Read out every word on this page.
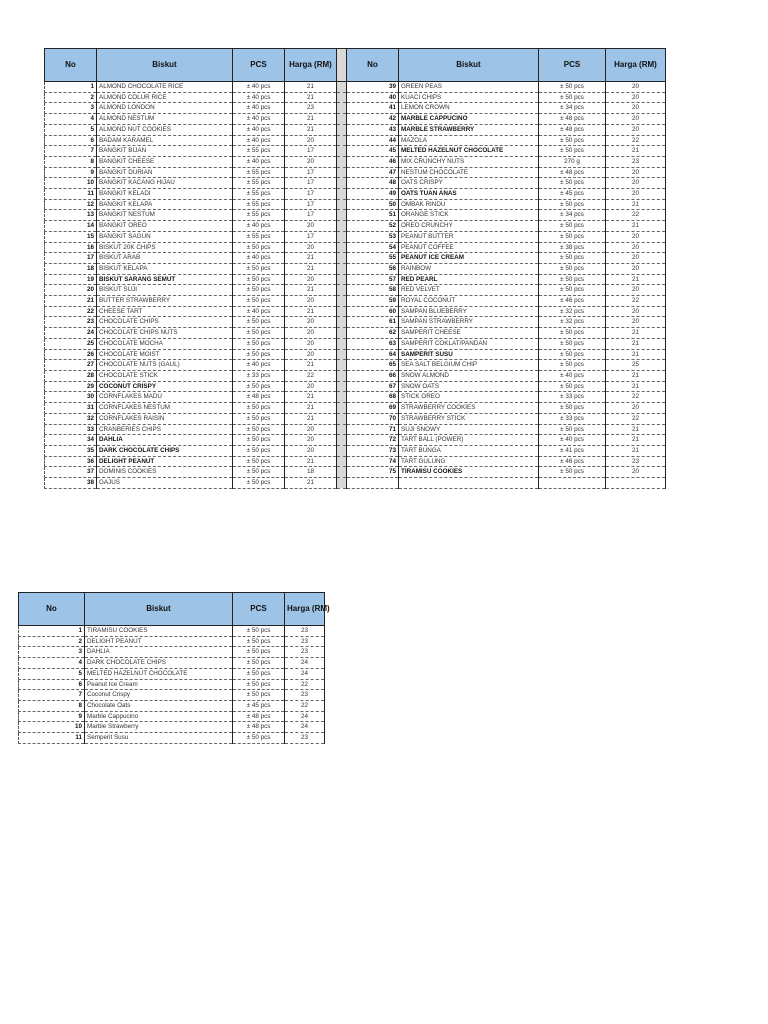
No	Biskut	PCS	Harga (RM)		No	Biskut	PCS	Harga (RM)
1	ALMOND CHOCOLATE RICE	± 40 pcs	21		39	GREEN PEAS	± 50 pcs	20
2	ALMOND COLUR RICE	± 40 pcs	21		40	KUACI CHIPS	± 50 pcs	20
3	ALMOND LONDON	± 40 pcs	23		41	LEMON CROWN	± 34 pcs	20
4	ALMOND NESTUM	± 40 pcs	21		42	MARBLE CAPPUCINO	± 48 pcs	20
5	ALMOND NUT COOKIES	± 40 pcs	21		43	MARBLE STRAWBERRY	± 48 pcs	20
6	BADAM KARAMEL	± 40 pcs	20		44	MAZOLA	± 50 pcs	22
7	BANGKIT BIJAN	± 55 pcs	17		45	MELTED HAZELNUT CHOCOLATE	± 50 pcs	21
8	BANGKIT CHEESE	± 40 pcs	20		46	MIX CRUNCHY NUTS	270 g	23
9	BANGKIT DURIAN	± 55 pcs	17		47	NESTUM CHOCOLATE	± 48 pcs	20
10	BANGKIT KACANG HIJAU	± 55 pcs	17		48	OATS CRISPY	± 50 pcs	20
11	BANGKIT KELADI	± 55 pcs	17		49	OATS TUAN ANAS	± 45 pcs	20
12	BANGKIT KELAPA	± 55 pcs	17		50	OMBAK RINDU	± 50 pcs	21
13	BANGKIT NESTUM	± 55 pcs	17		51	ORANGE STICK	± 34 pcs	22
14	BANGKIT OREO	± 40 pcs	20		52	OREO CRUNCHY	± 50 pcs	21
15	BANGKIT SAGUN	± 55 pcs	17		53	PEANUT BUTTER	± 50 pcs	20
16	BISKUT 20K CHIPS	± 50 pcs	20		54	PEANUT COFFEE	± 38 pcs	20
17	BISKUT ARAB	± 40 pcs	21		55	PEANUT ICE CREAM	± 50 pcs	20
18	BISKUT KELAPA	± 50 pcs	21		56	RAINBOW	± 50 pcs	20
19	BISKUT SARANG SEMUT	± 50 pcs	20		57	RED PEARL	± 50 pcs	21
20	BISKUT SUJI	± 50 pcs	21		58	RED VELVET	± 50 pcs	20
21	BUTTER STRAWBERRY	± 50 pcs	20		59	ROYAL COCONUT	± 46 pcs	22
22	CHEESE TART	± 40 pcs	21		60	SAMPAN BLUEBERRY	± 32 pcs	20
23	CHOCOLATE CHIPS	± 50 pcs	20		61	SAMPAN STRAWBERRY	± 32 pcs	20
24	CHOCOLATE CHIPS NUTS	± 50 pcs	20		62	SAMPERIT CHEESE	± 50 pcs	21
25	CHOCOLATE MOCHA	± 50 pcs	20		63	SAMPERIT COKLAT/PANDAN	± 50 pcs	21
26	CHOCOLATE MOIST	± 50 pcs	20		64	SAMPERIT SUSU	± 50 pcs	21
27	CHOCOLATE NUTS (GAUL)	± 40 pcs	21		65	SEA SALT BELGIUM CHIP	± 50 pcs	25
28	CHOCOLATE STICK	± 33 pcs	22		66	SNOW ALMOND	± 40 pcs	21
29	COCONUT CRISPY	± 50 pcs	20		67	SNOW OATS	± 50 pcs	21
30	CORNFLAKES MADU	± 48 pcs	21		68	STICK OREO	± 33 pcs	22
31	CORNFLAKES NESTUM	± 50 pcs	21		69	STRAWBERRY COOKIES	± 50 pcs	20
32	CORNFLAKES RAISIN	± 50 pcs	21		70	STRAWBERRY STICK	± 33 pcs	22
33	CRANBERIES CHIPS	± 50 pcs	20		71	SUJI SNOWY	± 50 pcs	21
34	DAHLIA	± 50 pcs	20		72	TART BALL (POWER)	± 40 pcs	21
35	DARK CHOCOLATE CHIPS	± 50 pcs	20		73	TART BUNGA	± 41 pcs	21
36	DELIGHT PEANUT	± 50 pcs	21		74	TART GULUNG	± 46 pcs	23
37	DOMINIS COOKIES	± 50 pcs	18		75	TIRAMISU COOKIES	± 50 pcs	20
38	GAJUS	± 50 pcs	21					
No	Biskut	PCS	Harga (RM)
1	TIRAMISU COOKIES	± 50 pcs	23
2	DELIGHT PEANUT	± 50 pcs	23
3	DAHLIA	± 50 pcs	23
4	DARK CHOCOLATE CHIPS	± 50 pcs	24
5	MELTED HAZELNUT CHOCOLATE	± 50 pcs	24
6	Peanut Ice Cream	± 50 pcs	22
7	Coconut Crispy	± 50 pcs	23
8	Chocolate Oats	± 45 pcs	22
9	Marble Cappucino	± 48 pcs	24
10	Marble Strawberry	± 48 pcs	24
11	Semperit Susu	± 50 pcs	23
